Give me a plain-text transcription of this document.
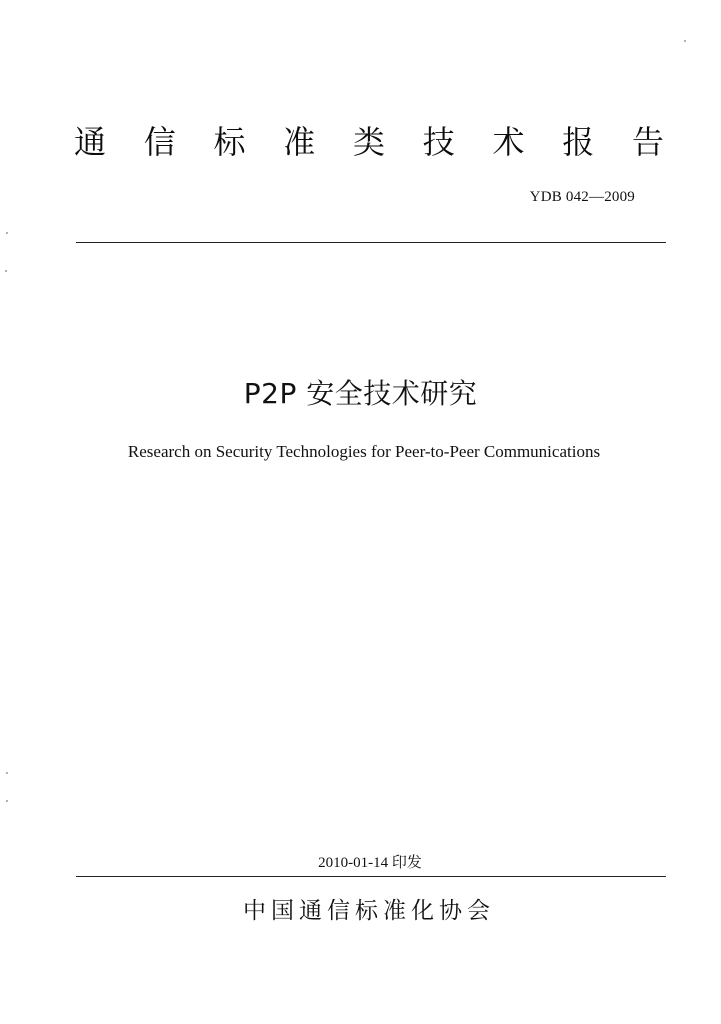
通 信 标 准 类 技 术 报 告
YDB 042—2009
P2P 安全技术研究
Research on Security Technologies for Peer-to-Peer Communications
2010-01-14 印发
中国通信标准化协会
